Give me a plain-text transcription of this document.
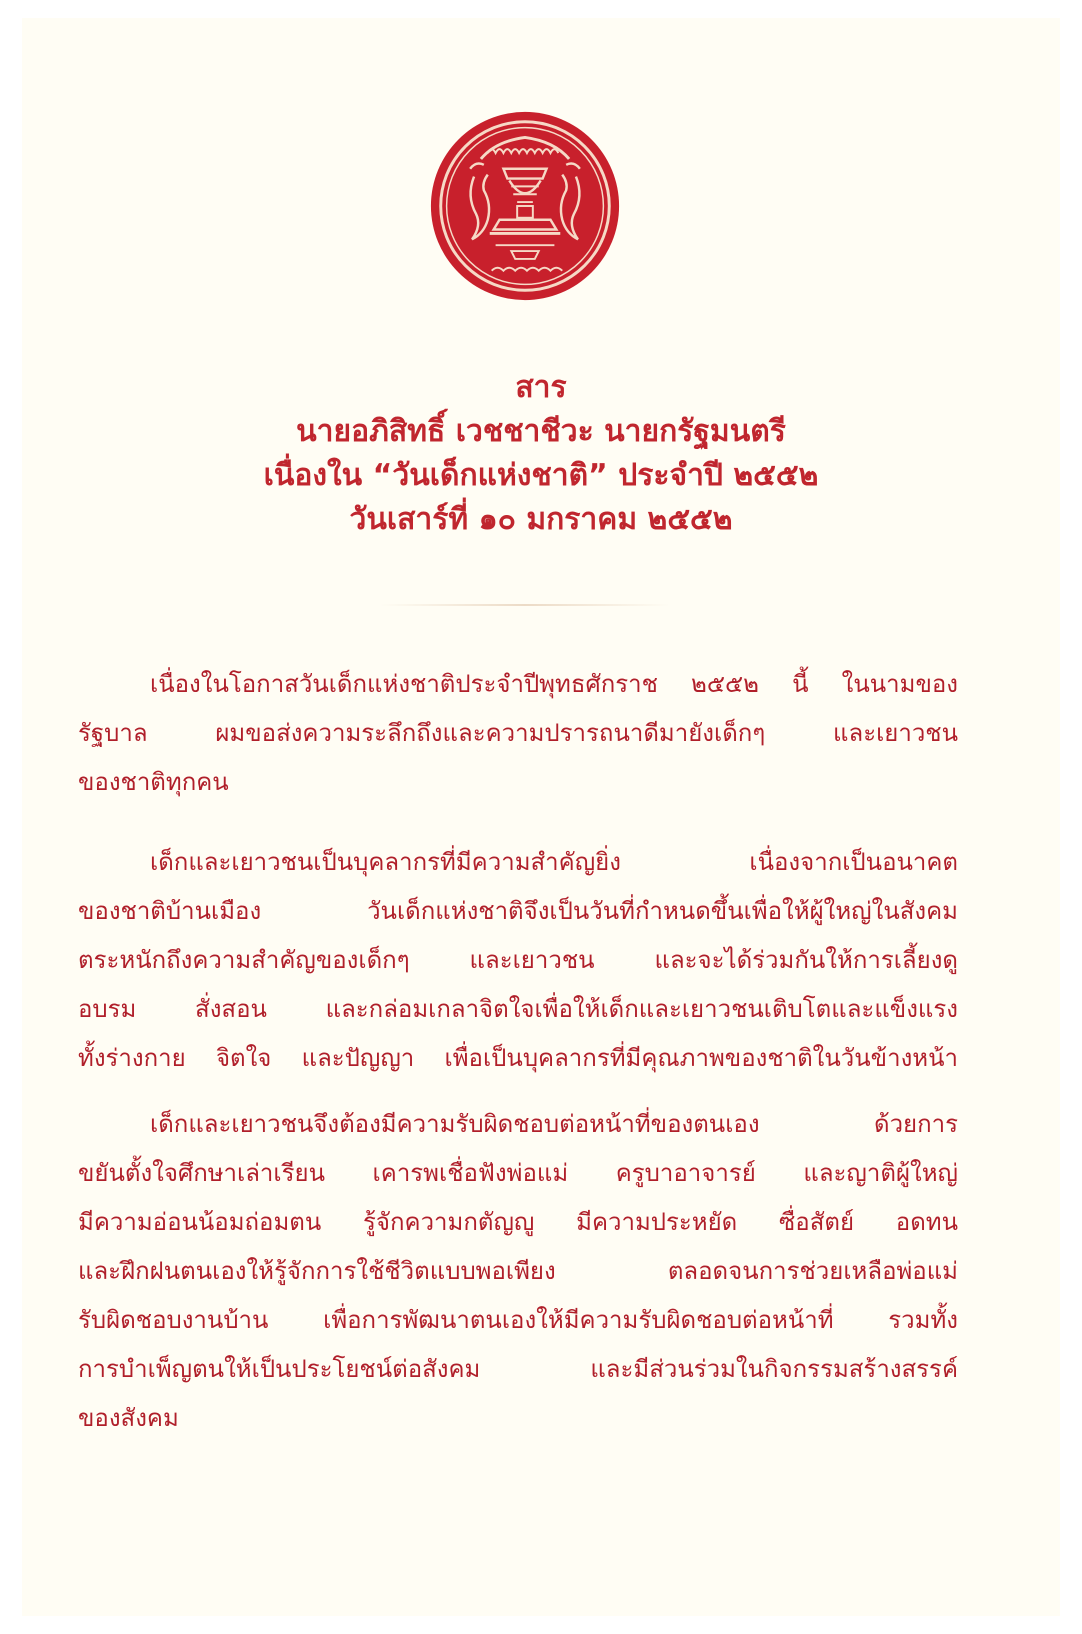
สาร
นายอภิสิทธิ์ เวชชาชีวะ นายกรัฐมนตรี
เนื่องใน “วันเด็กแห่งชาติ” ประจำปี ๒๕๕๒
วันเสาร์ที่ ๑๐ มกราคม ๒๕๕๒
เนื่องในโอกาสวันเด็กแห่งชาติประจำปีพุทธศักราช ๒๕๕๒ นี้ ในนามของ
รัฐบาล ผมขอส่งความระลึกถึงและความปรารถนาดีมายังเด็กๆ และเยาวชน
ของชาติทุกคน
เด็กและเยาวชนเป็นบุคลากรที่มีความสำคัญยิ่ง เนื่องจากเป็นอนาคต
ของชาติบ้านเมือง วันเด็กแห่งชาติจึงเป็นวันที่กำหนดขึ้นเพื่อให้ผู้ใหญ่ในสังคม
ตระหนักถึงความสำคัญของเด็กๆ และเยาวชน และจะได้ร่วมกันให้การเลี้ยงดู
อบรม สั่งสอน และกล่อมเกลาจิตใจเพื่อให้เด็กและเยาวชนเติบโตและแข็งแรง
ทั้งร่างกาย จิตใจ และปัญญา เพื่อเป็นบุคลากรที่มีคุณภาพของชาติในวันข้างหน้า
เด็กและเยาวชนจึงต้องมีความรับผิดชอบต่อหน้าที่ของตนเอง ด้วยการ
ขยันตั้งใจศึกษาเล่าเรียน เคารพเชื่อฟังพ่อแม่ ครูบาอาจารย์ และญาติผู้ใหญ่
มีความอ่อนน้อมถ่อมตน รู้จักความกตัญญู มีความประหยัด ซื่อสัตย์ อดทน
และฝึกฝนตนเองให้รู้จักการใช้ชีวิตแบบพอเพียง ตลอดจนการช่วยเหลือพ่อแม่
รับผิดชอบงานบ้าน เพื่อการพัฒนาตนเองให้มีความรับผิดชอบต่อหน้าที่ รวมทั้ง
การบำเพ็ญตนให้เป็นประโยชน์ต่อสังคม และมีส่วนร่วมในกิจกรรมสร้างสรรค์
ของสังคม
